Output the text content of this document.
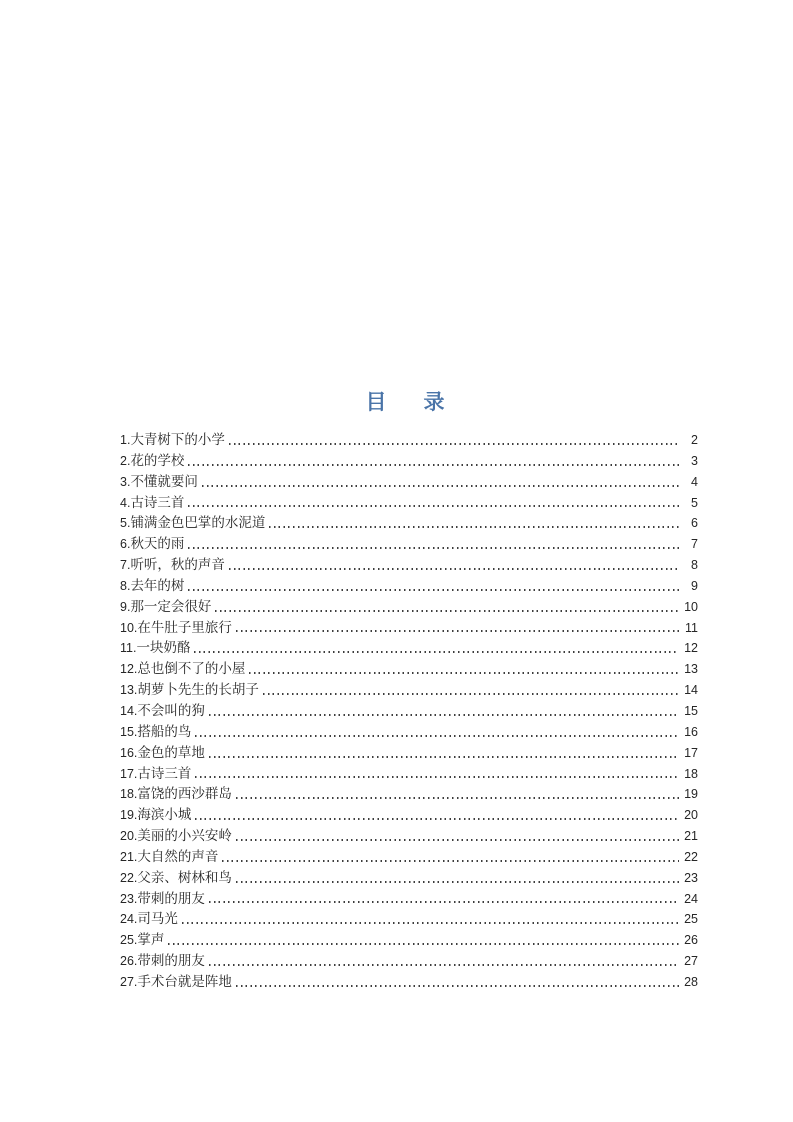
目　录
1. 大青树下的小学	2
2. 花的学校	3
3. 不懂就要问	4
4. 古诗三首	5
5. 铺满金色巴掌的水泥道	6
6. 秋天的雨	7
7. 听听，秋的声音	8
8. 去年的树	9
9. 那一定会很好	10
10. 在牛肚子里旅行	11
11. 一块奶酪	12
12. 总也倒不了的小屋	13
13. 胡萝卜先生的长胡子	14
14. 不会叫的狗	15
15. 搭船的鸟	16
16. 金色的草地	17
17. 古诗三首	18
18. 富饶的西沙群岛	19
19. 海滨小城	20
20. 美丽的小兴安岭	21
21. 大自然的声音	22
22. 父亲、树林和鸟	23
23. 带刺的朋友	24
24. 司马光	25
25. 掌声	26
26. 带刺的朋友	27
27. 手术台就是阵地	28
